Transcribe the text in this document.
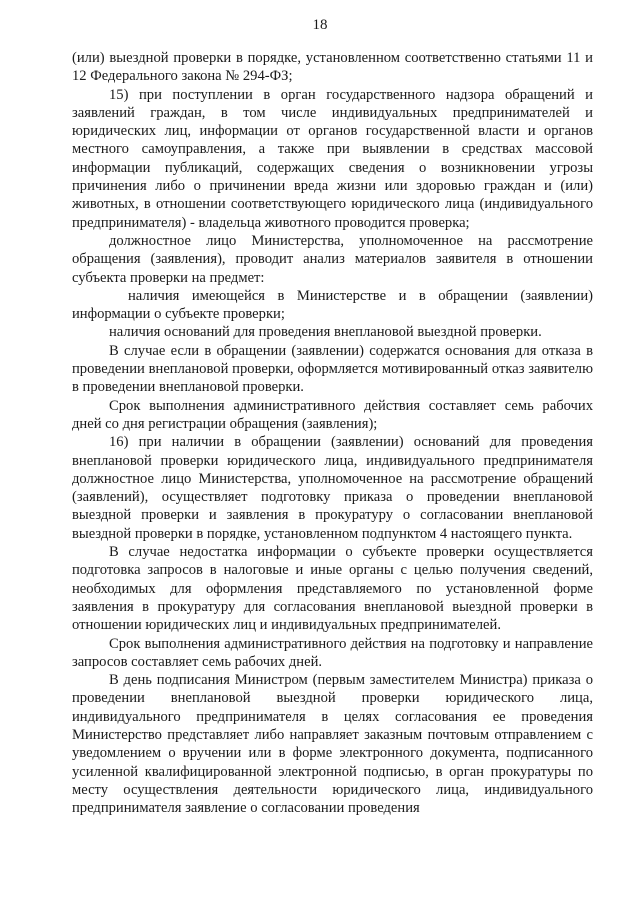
18

(или) выездной проверки в порядке, установленном соответственно статьями 11 и 12 Федерального закона № 294-ФЗ;

15) при поступлении в орган государственного надзора обращений и заявлений граждан, в том числе индивидуальных предпринимателей и юридических лиц, информации от органов государственной власти и органов местного самоуправления, а также при выявлении в средствах массовой информации публикаций, содержащих сведения о возникновении угрозы причинения либо о причинении вреда жизни или здоровью граждан и (или) животных, в отношении соответствующего юридического лица (индивидуального предпринимателя) - владельца животного проводится проверка;

должностное лицо Министерства, уполномоченное на рассмотрение обращения (заявления), проводит анализ материалов заявителя в отношении субъекта проверки на предмет:

наличия имеющейся в Министерстве и в обращении (заявлении) информации о субъекте проверки;

наличия оснований для проведения внеплановой выездной проверки.

В случае если в обращении (заявлении) содержатся основания для отказа в проведении внеплановой проверки, оформляется мотивированный отказ заявителю в проведении внеплановой проверки.

Срок выполнения административного действия составляет семь рабочих дней со дня регистрации обращения (заявления);

16) при наличии в обращении (заявлении) оснований для проведения внеплановой проверки юридического лица, индивидуального предпринимателя должностное лицо Министерства, уполномоченное на рассмотрение обращений (заявлений), осуществляет подготовку приказа о проведении внеплановой выездной проверки и заявления в прокуратуру о согласовании внеплановой выездной проверки в порядке, установленном подпунктом 4 настоящего пункта.

В случае недостатка информации о субъекте проверки осуществляется подготовка запросов в налоговые и иные органы с целью получения сведений, необходимых для оформления представляемого по установленной форме заявления в прокуратуру для согласования внеплановой выездной проверки в отношении юридических лиц и индивидуальных предпринимателей.

Срок выполнения административного действия на подготовку и направление запросов составляет семь рабочих дней.

В день подписания Министром (первым заместителем Министра) приказа о проведении внеплановой выездной проверки юридического лица, индивидуального предпринимателя в целях согласования ее проведения Министерство представляет либо направляет заказным почтовым отправлением с уведомлением о вручении или в форме электронного документа, подписанного усиленной квалифицированной электронной подписью, в орган прокуратуры по месту осуществления деятельности юридического лица, индивидуального предпринимателя заявление о согласовании проведения
